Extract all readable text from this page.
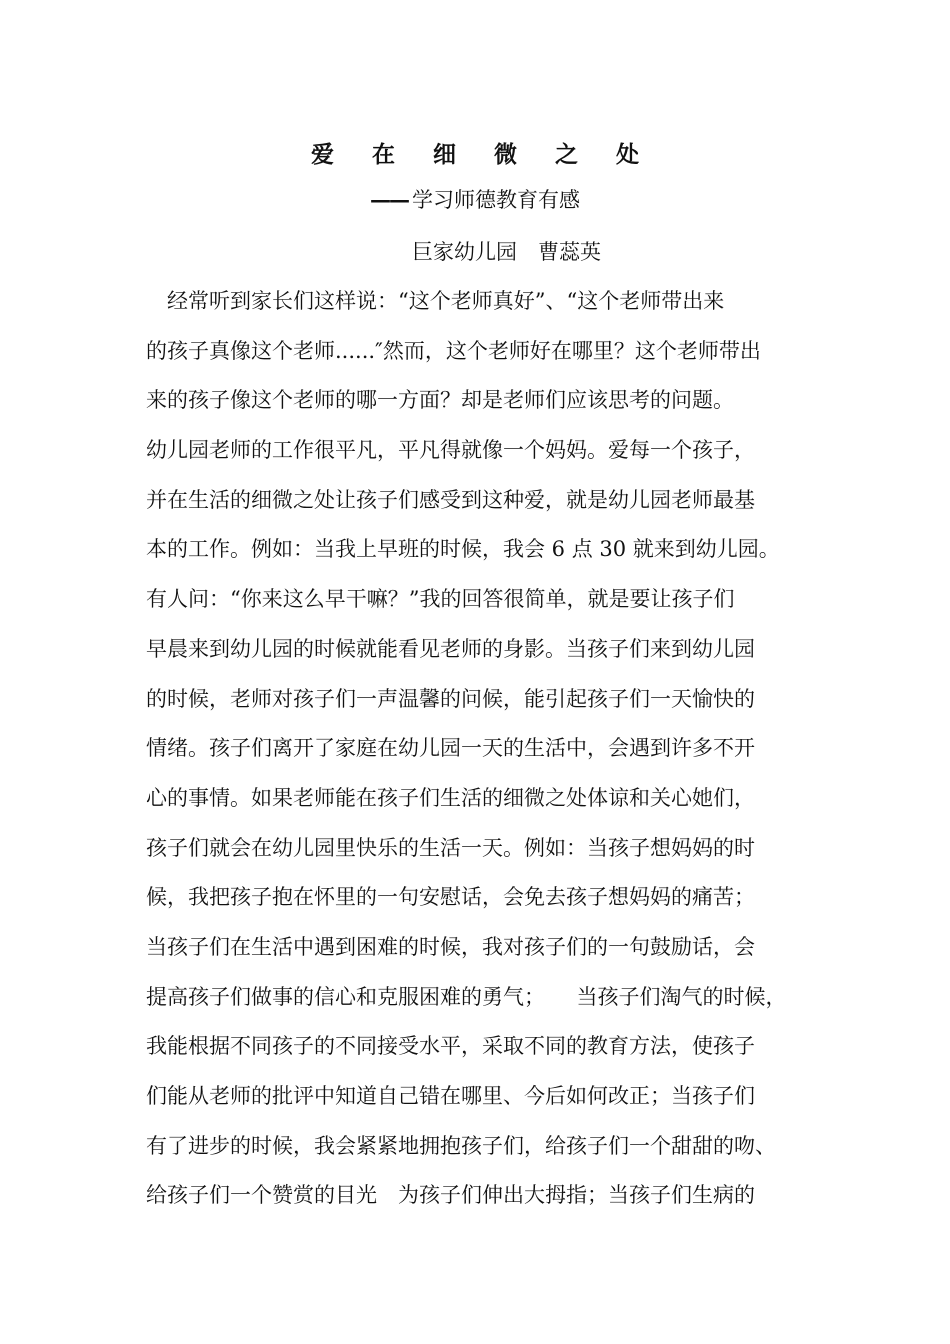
爱在细微之处
—— 学习师德教育有感
巨家幼儿园　曹蕊英
　经常听到家长们这样说：“这个老师真好”、“这个老师带出来
的孩子真像这个老师......″然而，这个老师好在哪里？这个老师带出
来的孩子像这个老师的哪一方面？却是老师们应该思考的问题。
幼儿园老师的工作很平凡，平凡得就像一个妈妈。爱每一个孩子，
并在生活的细微之处让孩子们感受到这种爱，就是幼儿园老师最基
本的工作。例如：当我上早班的时候，我会 6 点 30 就来到幼儿园。
有人问：“你来这么早干嘛？”我的回答很简单，就是要让孩子们
早晨来到幼儿园的时候就能看见老师的身影。当孩子们来到幼儿园
的时候，老师对孩子们一声温馨的问候，能引起孩子们一天愉快的
情绪。孩子们离开了家庭在幼儿园一天的生活中，会遇到许多不开
心的事情。如果老师能在孩子们生活的细微之处体谅和关心她们，
孩子们就会在幼儿园里快乐的生活一天。例如：当孩子想妈妈的时
候，我把孩子抱在怀里的一句安慰话，会免去孩子想妈妈的痛苦；
当孩子们在生活中遇到困难的时候，我对孩子们的一句鼓励话，会
提高孩子们做事的信心和克服困难的勇气；　　当孩子们淘气的时候，
我能根据不同孩子的不同接受水平，采取不同的教育方法，使孩子
们能从老师的批评中知道自己错在哪里、今后如何改正；当孩子们
有了进步的时候，我会紧紧地拥抱孩子们，给孩子们一个甜甜的吻、
给孩子们一个赞赏的目光　为孩子们伸出大拇指；当孩子们生病的
